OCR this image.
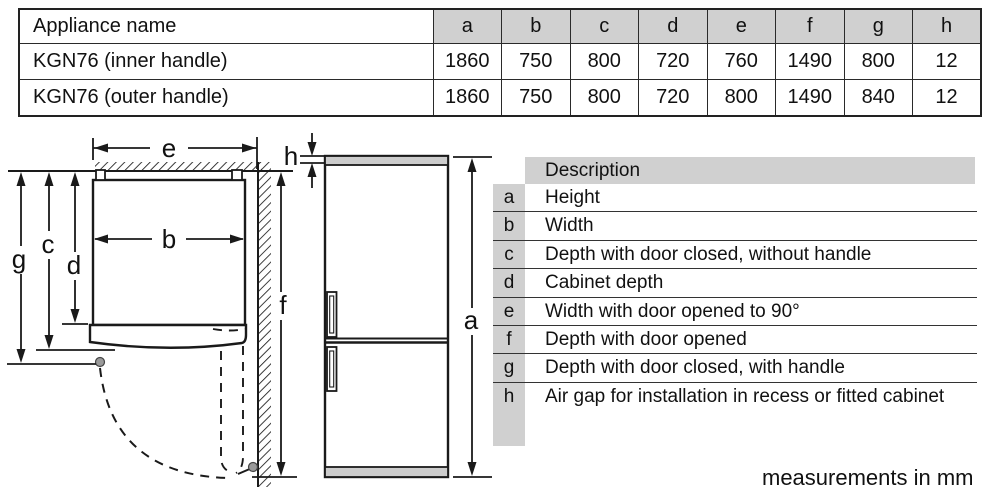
Appliance name	a	b	c	d	e	f	g	h
KGN76 (inner handle)	1860	750	800	720	760	1490	800	12
KGN76 (outer handle)	1860	750	800	720	800	1490	840	12
e
b
g c
d
f
h
a
Description
a	Height
b	Width
c	Depth with door closed, without handle
d	Cabinet depth
e	Width with door opened to 90°
f	Depth with door opened
g	Depth with door closed, with handle
h	Air gap for installation in recess or fitted cabinet
measurements in mm
